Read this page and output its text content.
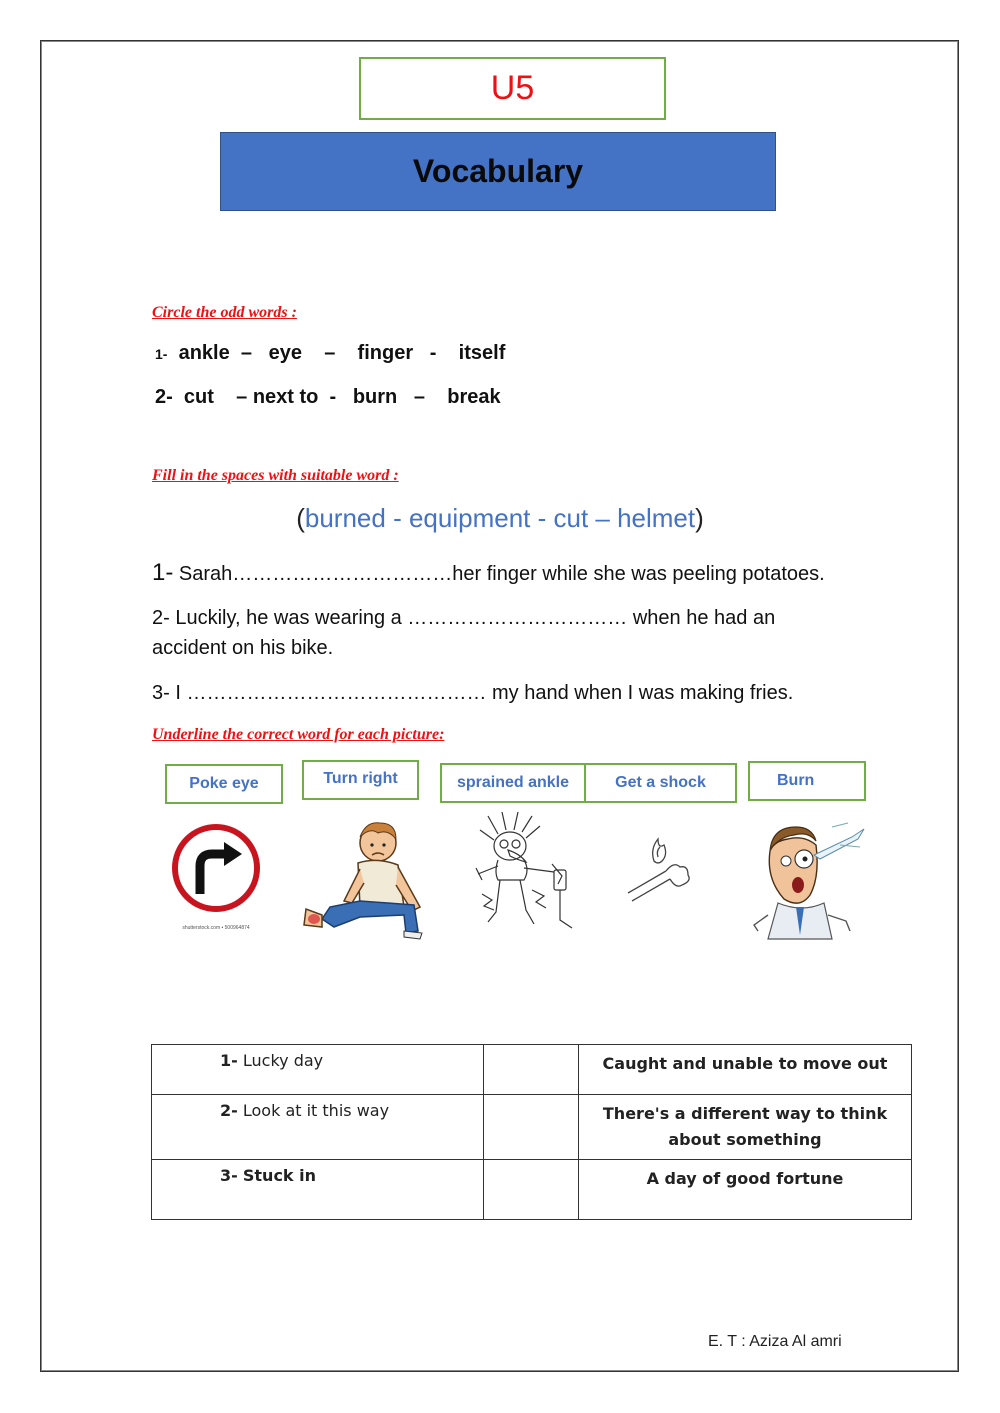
U5
Vocabulary
Circle the odd words :
1-  ankle  –   eye    –    finger   -    itself
2-  cut    – next to  -   burn   –    break
Fill in the spaces with suitable word :
(burned - equipment - cut – helmet)
1- Sarah……………………………her finger while she was peeling potatoes.
2- Luckily, he was wearing a …………………………… when he had an accident on his bike.
3- I ……………………………………… my hand when I was making fries.
Underline the correct word for each picture:
Poke eye	Turn right	sprained ankle	Get a shock	Burn
shutterstock.com • 500964874
1- Lucky day		Caught and unable to move out
2- Look at it this way		There's a different way to think about something
3- Stuck in		A day of good fortune
E. T : Aziza Al amri
